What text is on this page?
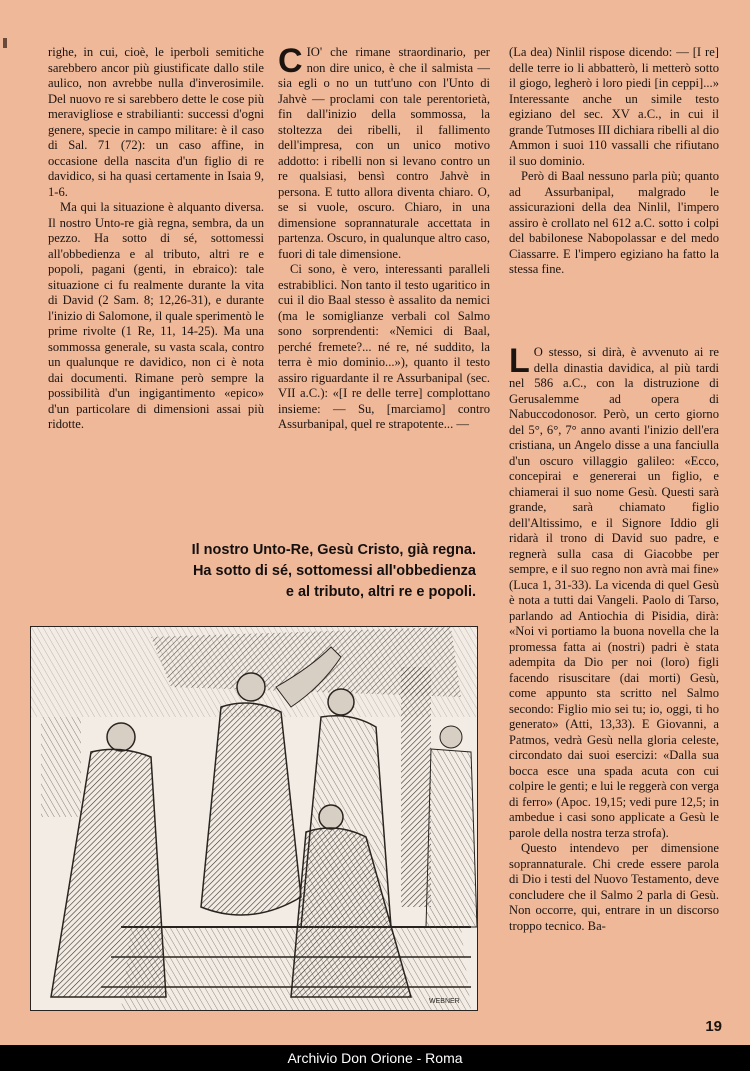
righe, in cui, cioè, le iperboli semitiche sarebbero ancor più giustificate dallo stile aulico, non avrebbe nulla d'inverosimile. Del nuovo re si sarebbero dette le cose più meravigliose e strabilianti: successi d'ogni genere, specie in campo militare: è il caso di Sal. 71 (72): un caso affine, in occasione della nascita d'un figlio di re davidico, si ha quasi certamente in Isaia 9, 1-6.

Ma qui la situazione è alquanto diversa. Il nostro Unto-re già regna, sembra, da un pezzo. Ha sotto di sé, sottomessi all'obbedienza e al tributo, altri re e popoli, pagani (genti, in ebraico): tale situazione ci fu realmente durante la vita di David (2 Sam. 8; 12,26-31), e durante l'inizio di Salomone, il quale sperimentò le prime rivolte (1 Re, 11, 14-25). Ma una sommossa generale, su vasta scala, contro un qualunque re davidico, non ci è nota dai documenti. Rimane però sempre la possibilità d'un ingigantimento «epico» d'un particolare di dimensioni assai più ridotte.

CIO' che rimane straordinario, per non dire unico, è che il salmista — sia egli o no un tutt'uno con l'Unto di Jahvè — proclami con tale perentorietà, fin dall'inizio della sommossa, la stoltezza dei ribelli, il fallimento dell'impresa, con un unico motivo addotto: i ribelli non si levano contro un re qualsiasi, bensì contro Jahvè in persona. E tutto allora diventa chiaro. O, se si vuole, oscuro. Chiaro, in una dimensione soprannaturale accettata in partenza. Oscuro, in qualunque altro caso, fuori di tale dimensione.

Ci sono, è vero, interessanti paralleli estrabiblici. Non tanto il testo ugaritico in cui il dio Baal stesso è assalito da nemici (ma le somiglianze verbali col Salmo sono sorprendenti: «Nemici di Baal, perché fremete?... né re, né suddito, la terra è mio dominio...»), quanto il testo assiro riguardante il re Assurbanipal (sec. VII a.C.): «[I re delle terre] complottano insieme: — Su, [marciamo] contro Assurbanipal, quel re strapotente... —

(La dea) Ninlil rispose dicendo: — [I re] delle terre io li abbatterò, li metterò sotto il giogo, legherò i loro piedi [in ceppi]...» Interessante anche un simile testo egiziano del sec. XV a.C., in cui il grande Tutmoses III dichiara ribelli al dio Ammon i suoi 110 vassalli che rifiutano il suo dominio.

Però di Baal nessuno parla più; quanto ad Assurbanipal, malgrado le assicurazioni della dea Ninlil, l'impero assiro è crollato nel 612 a.C. sotto i colpi del babilonese Nabopolassar e del medo Ciassarre. E l'impero egiziano ha fatto la stessa fine.

L O stesso, si dirà, è avvenuto ai re della dinastia davidica, al più tardi nel 586 a.C., con la distruzione di Gerusalemme ad opera di Nabuccodonosor. Però, un certo giorno del 5°, 6°, 7° anno avanti l'inizio dell'era cristiana, un Angelo disse a una fanciulla d'un oscuro villaggio galileo: «Ecco, concepirai e genererai un figlio, e chiamerai il suo nome Gesù. Questi sarà grande, sarà chiamato figlio dell'Altissimo, e il Signore Iddio gli ridarà il trono di David suo padre, e regnerà sulla casa di Giacobbe per sempre, e il suo regno non avrà mai fine» (Luca 1, 31-33). La vicenda di quel Gesù è nota a tutti dai Vangeli. Paolo di Tarso, parlando ad Antiochia di Pisidia, dirà: «Noi vi portiamo la buona novella che la promessa fatta ai (nostri) padri è stata adempita da Dio per noi (loro) figli facendo risuscitare (dai morti) Gesù, come appunto sta scritto nel Salmo secondo: Figlio mio sei tu; io, oggi, ti ho generato» (Atti, 13,33). E Giovanni, a Patmos, vedrà Gesù nella gloria celeste, circondato dai suoi esercizi: «Dalla sua bocca esce una spada acuta con cui colpire le genti; e lui le reggerà con verga di ferro» (Apoc. 19,15; vedi pure 12,5; in ambedue i casi sono applicate a Gesù le parole della nostra terza strofa).

Questo intendevo per dimensione soprannaturale. Chi crede essere parola di Dio i testi del Nuovo Testamento, deve concludere che il Salmo 2 parla di Gesù. Non occorre, qui, entrare in un discorso troppo tecnico. Ba-

Il nostro Unto-Re, Gesù Cristo, già regna.
Ha sotto di sé, sottomessi all'obbedienza
e al tributo, altri re e popoli.
WEBNER
19
Archivio Don Orione - Roma
